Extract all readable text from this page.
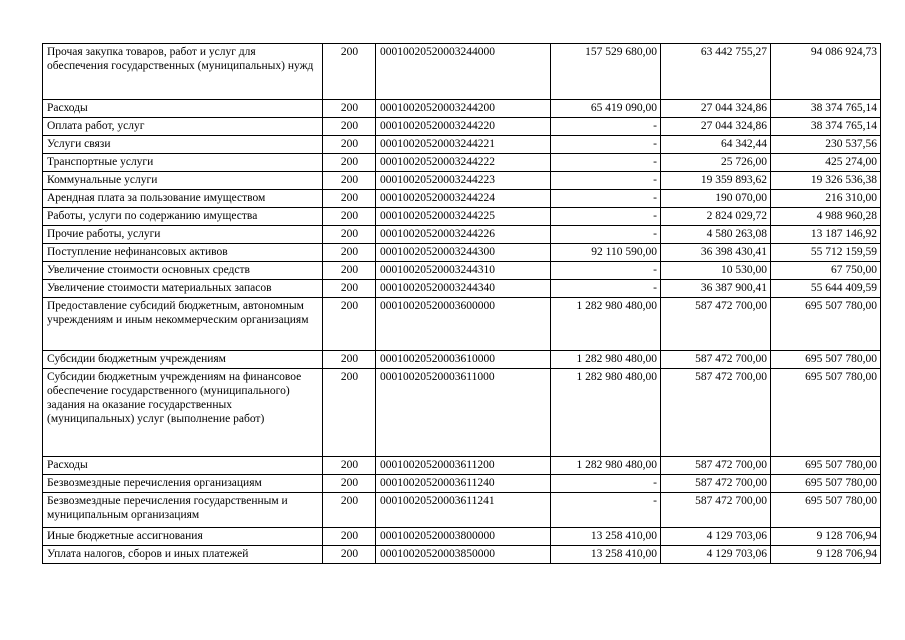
Прочая закупка товаров, работ и услуг для обеспечения государственных (муниципальных) нужд	200	00010020520003244000	157 529 680,00	63 442 755,27	94 086 924,73
Расходы	200	00010020520003244200	65 419 090,00	27 044 324,86	38 374 765,14
Оплата работ, услуг	200	00010020520003244220	-	27 044 324,86	38 374 765,14
Услуги связи	200	00010020520003244221	-	64 342,44	230 537,56
Транспортные услуги	200	00010020520003244222	-	25 726,00	425 274,00
Коммунальные услуги	200	00010020520003244223	-	19 359 893,62	19 326 536,38
Арендная плата за пользование имуществом	200	00010020520003244224	-	190 070,00	216 310,00
Работы, услуги по содержанию имущества	200	00010020520003244225	-	2 824 029,72	4 988 960,28
Прочие работы, услуги	200	00010020520003244226	-	4 580 263,08	13 187 146,92
Поступление нефинансовых активов	200	00010020520003244300	92 110 590,00	36 398 430,41	55 712 159,59
Увеличение стоимости основных средств	200	00010020520003244310	-	10 530,00	67 750,00
Увеличение стоимости материальных запасов	200	00010020520003244340	-	36 387 900,41	55 644 409,59
Предоставление субсидий бюджетным, автономным учреждениям и иным некоммерческим организациям	200	00010020520003600000	1 282 980 480,00	587 472 700,00	695 507 780,00
Субсидии бюджетным учреждениям	200	00010020520003610000	1 282 980 480,00	587 472 700,00	695 507 780,00
Субсидии бюджетным учреждениям на финансовое обеспечение государственного (муниципального) задания на оказание государственных (муниципальных) услуг (выполнение работ)	200	00010020520003611000	1 282 980 480,00	587 472 700,00	695 507 780,00
Расходы	200	00010020520003611200	1 282 980 480,00	587 472 700,00	695 507 780,00
Безвозмездные перечисления организациям	200	00010020520003611240	-	587 472 700,00	695 507 780,00
Безвозмездные перечисления государственным и муниципальным организациям	200	00010020520003611241	-	587 472 700,00	695 507 780,00
Иные бюджетные ассигнования	200	00010020520003800000	13 258 410,00	4 129 703,06	9 128 706,94
Уплата налогов, сборов и иных платежей	200	00010020520003850000	13 258 410,00	4 129 703,06	9 128 706,94
